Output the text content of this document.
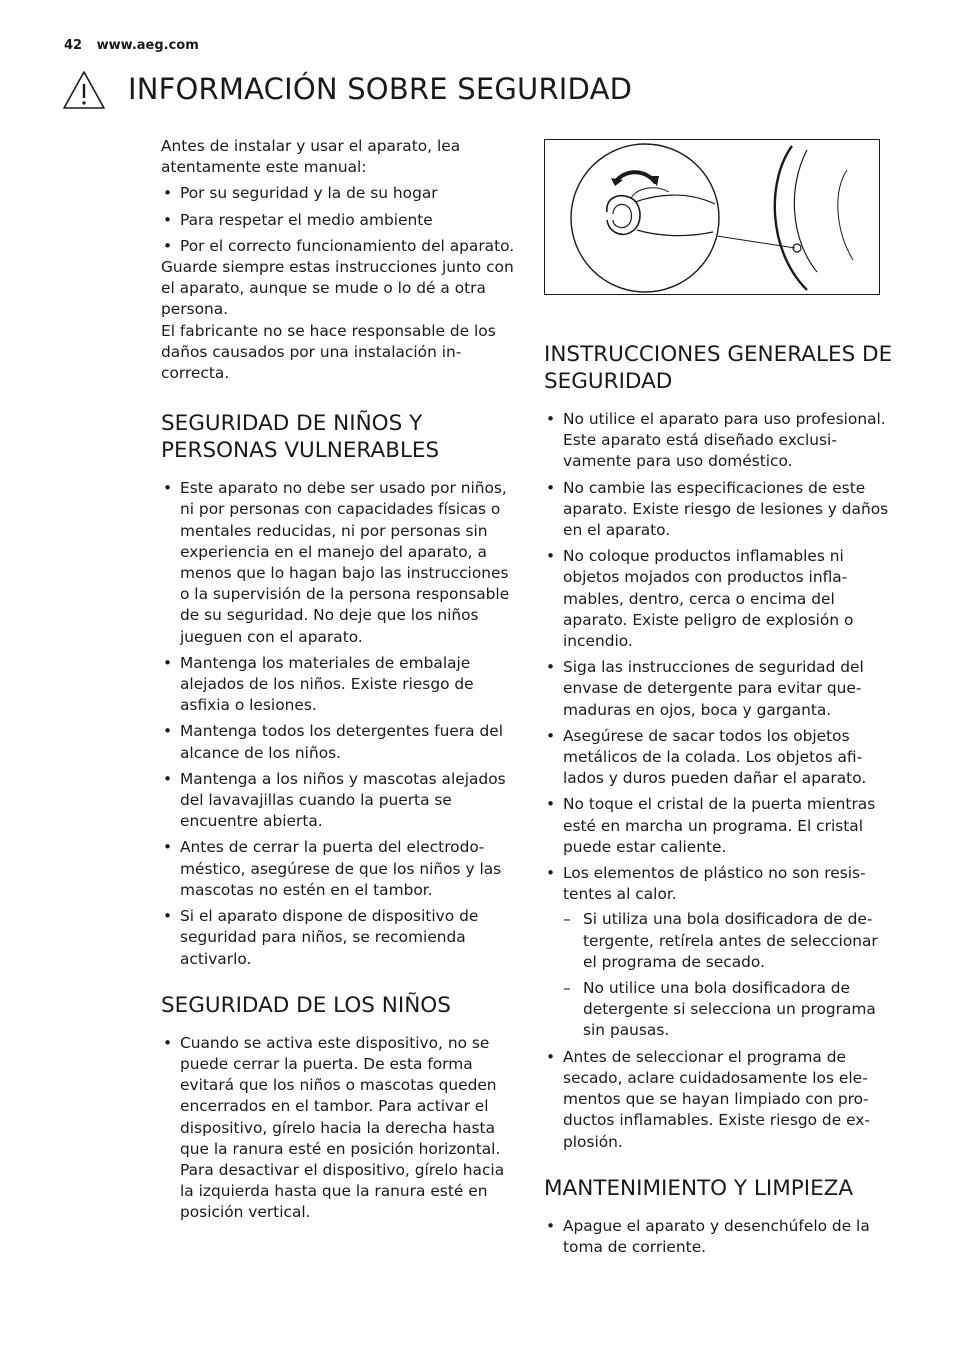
42 www.aeg.com
INFORMACIÓN SOBRE SEGURIDAD

Antes de instalar y usar el aparato, lea atentamente este manual:

• Por su seguridad y la de su hogar
• Para respetar el medio ambiente
• Por el correcto funcionamiento del aparato.

Guarde siempre estas instrucciones junto con el aparato, aunque se mude o lo dé a otra persona.

El fabricante no se hace responsable de los daños causados por una instalación incorrecta.

SEGURIDAD DE NIÑOS Y PERSONAS VULNERABLES
• Este aparato no debe ser usado por niños, ni por personas con capacidades físicas o mentales reducidas, ni por personas sin experiencia en el manejo del aparato, a menos que lo hagan bajo las instrucciones o la supervisión de la persona responsable de su seguridad. No deje que los niños jueguen con el aparato.
• Mantenga los materiales de embalaje alejados de los niños. Existe riesgo de asfixia o lesiones.
• Mantenga todos los detergentes fuera del alcance de los niños.
• Mantenga a los niños y mascotas alejados del lavavajillas cuando la puerta se encuentre abierta.
• Antes de cerrar la puerta del electrodoméstico, asegúrese de que los niños y las mascotas no estén en el tambor.
• Si el aparato dispone de dispositivo de seguridad para niños, se recomienda activarlo.
SEGURIDAD DE LOS NIÑOS
• Cuando se activa este dispositivo, no se puede cerrar la puerta. De esta forma evitará que los niños o mascotas queden encerrados en el tambor. Para activar el dispositivo, gírelo hacia la derecha hasta que la ranura esté en posición horizontal. Para desactivar el dispositivo, gírelo hacia la izquierda hasta que la ranura esté en posición vertical.
INSTRUCCIONES GENERALES DE SEGURIDAD
• No utilice el aparato para uso profesional. Este aparato está diseñado exclusivamente para uso doméstico.
• No cambie las especificaciones de este aparato. Existe riesgo de lesiones y daños en el aparato.
• No coloque productos inflamables ni objetos mojados con productos inflamables, dentro, cerca o encima del aparato. Existe peligro de explosión o incendio.
• Siga las instrucciones de seguridad del envase de detergente para evitar quemaduras en ojos, boca y garganta.
• Asegúrese de sacar todos los objetos metálicos de la colada. Los objetos afilados y duros pueden dañar el aparato.
• No toque el cristal de la puerta mientras esté en marcha un programa. El cristal puede estar caliente.
• Los elementos de plástico no son resistentes al calor.
– Si utiliza una bola dosificadora de detergente, retírela antes de seleccionar el programa de secado.
– No utilice una bola dosificadora de detergente si selecciona un programa sin pausas.
• Antes de seleccionar el programa de secado, aclare cuidadosamente los elementos que se hayan limpiado con productos inflamables. Existe riesgo de explosión.
MANTENIMIENTO Y LIMPIEZA
• Apague el aparato y desenchúfelo de la toma de corriente.
